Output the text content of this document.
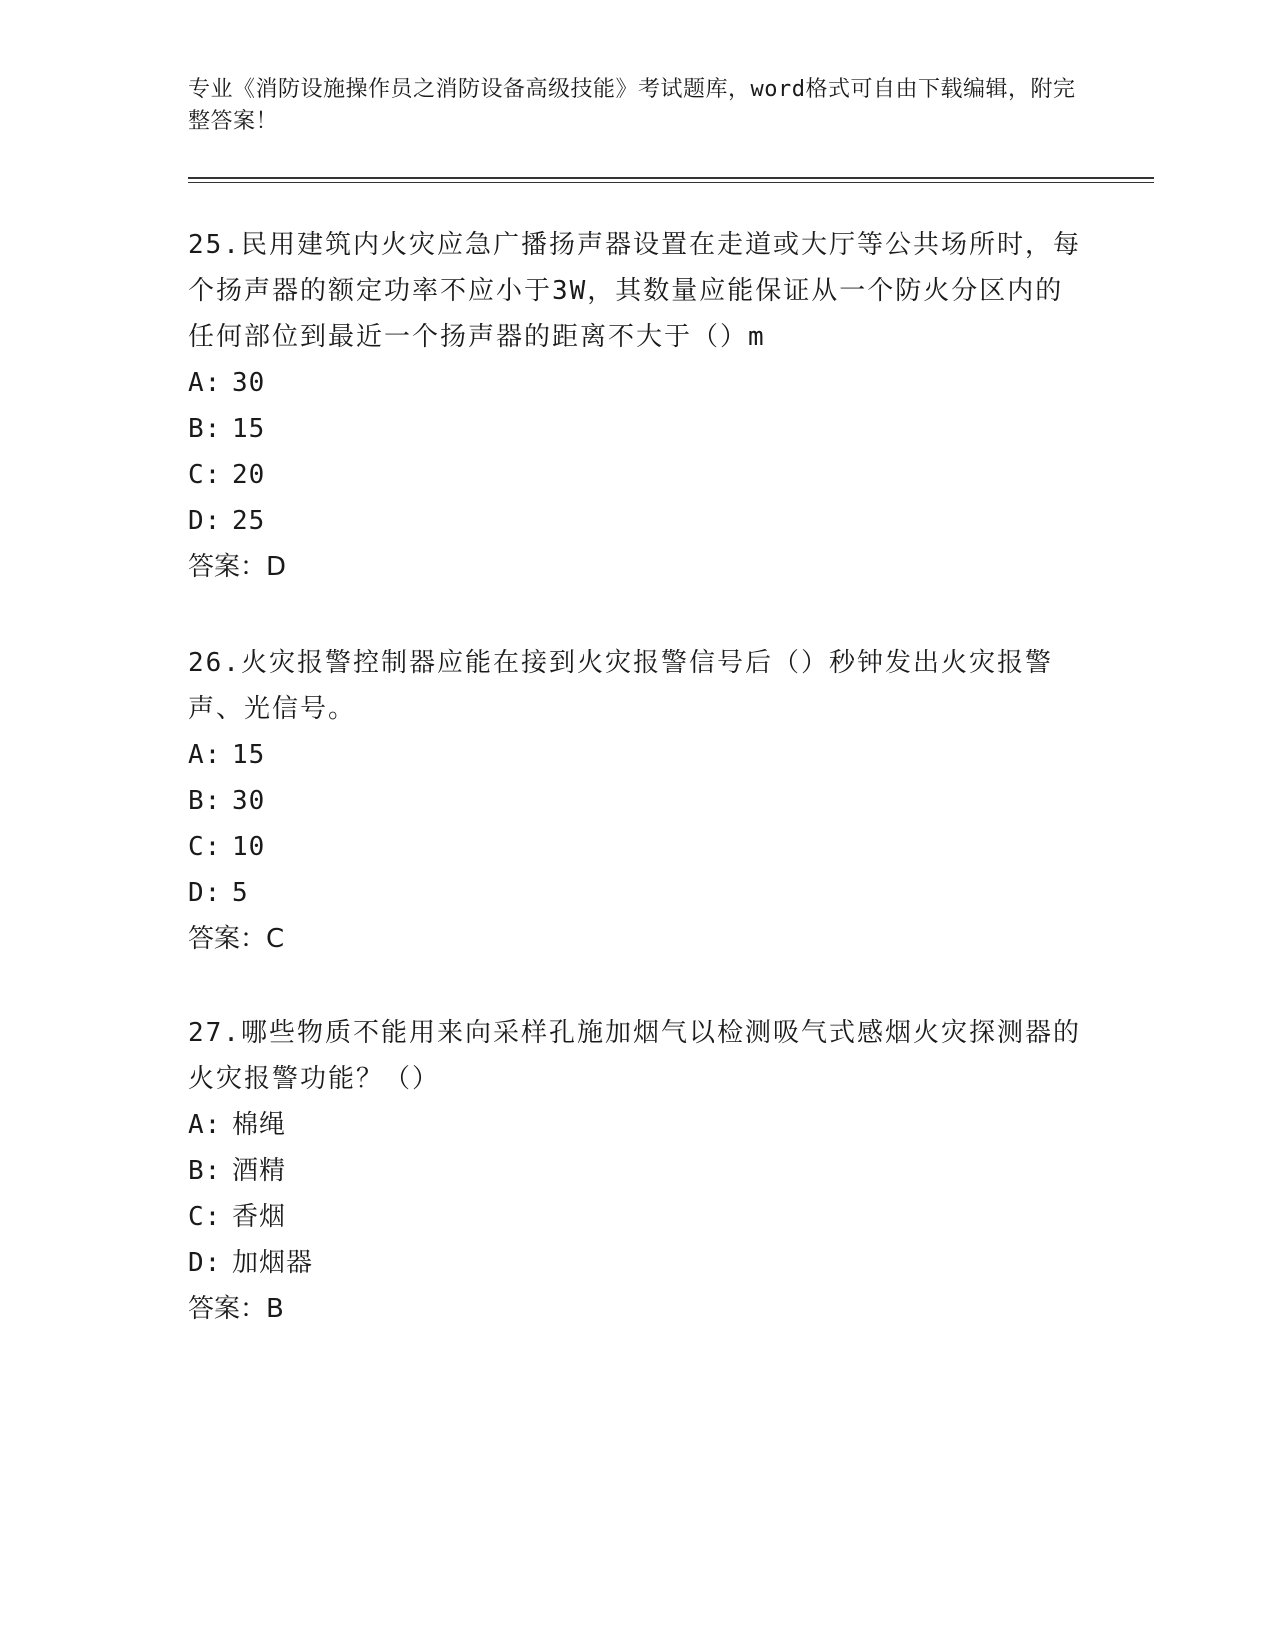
专业《消防设施操作员之消防设备高级技能》考试题库，word格式可自由下载编辑，附完整答案！

25.民用建筑内火灾应急广播扬声器设置在走道或大厅等公共场所时，每个扬声器的额定功率不应小于3W，其数量应能保证从一个防火分区内的任何部位到最近一个扬声器的距离不大于（）m

A: 30

B: 15

C: 20

D: 25

答案：D

26.火灾报警控制器应能在接到火灾报警信号后（）秒钟发出火灾报警声、光信号。

A: 15

B: 30

C: 10

D: 5

答案：C

27.哪些物质不能用来向采样孔施加烟气以检测吸气式感烟火灾探测器的火灾报警功能？（）

A: 棉绳

B: 酒精

C: 香烟

D: 加烟器

答案：B
